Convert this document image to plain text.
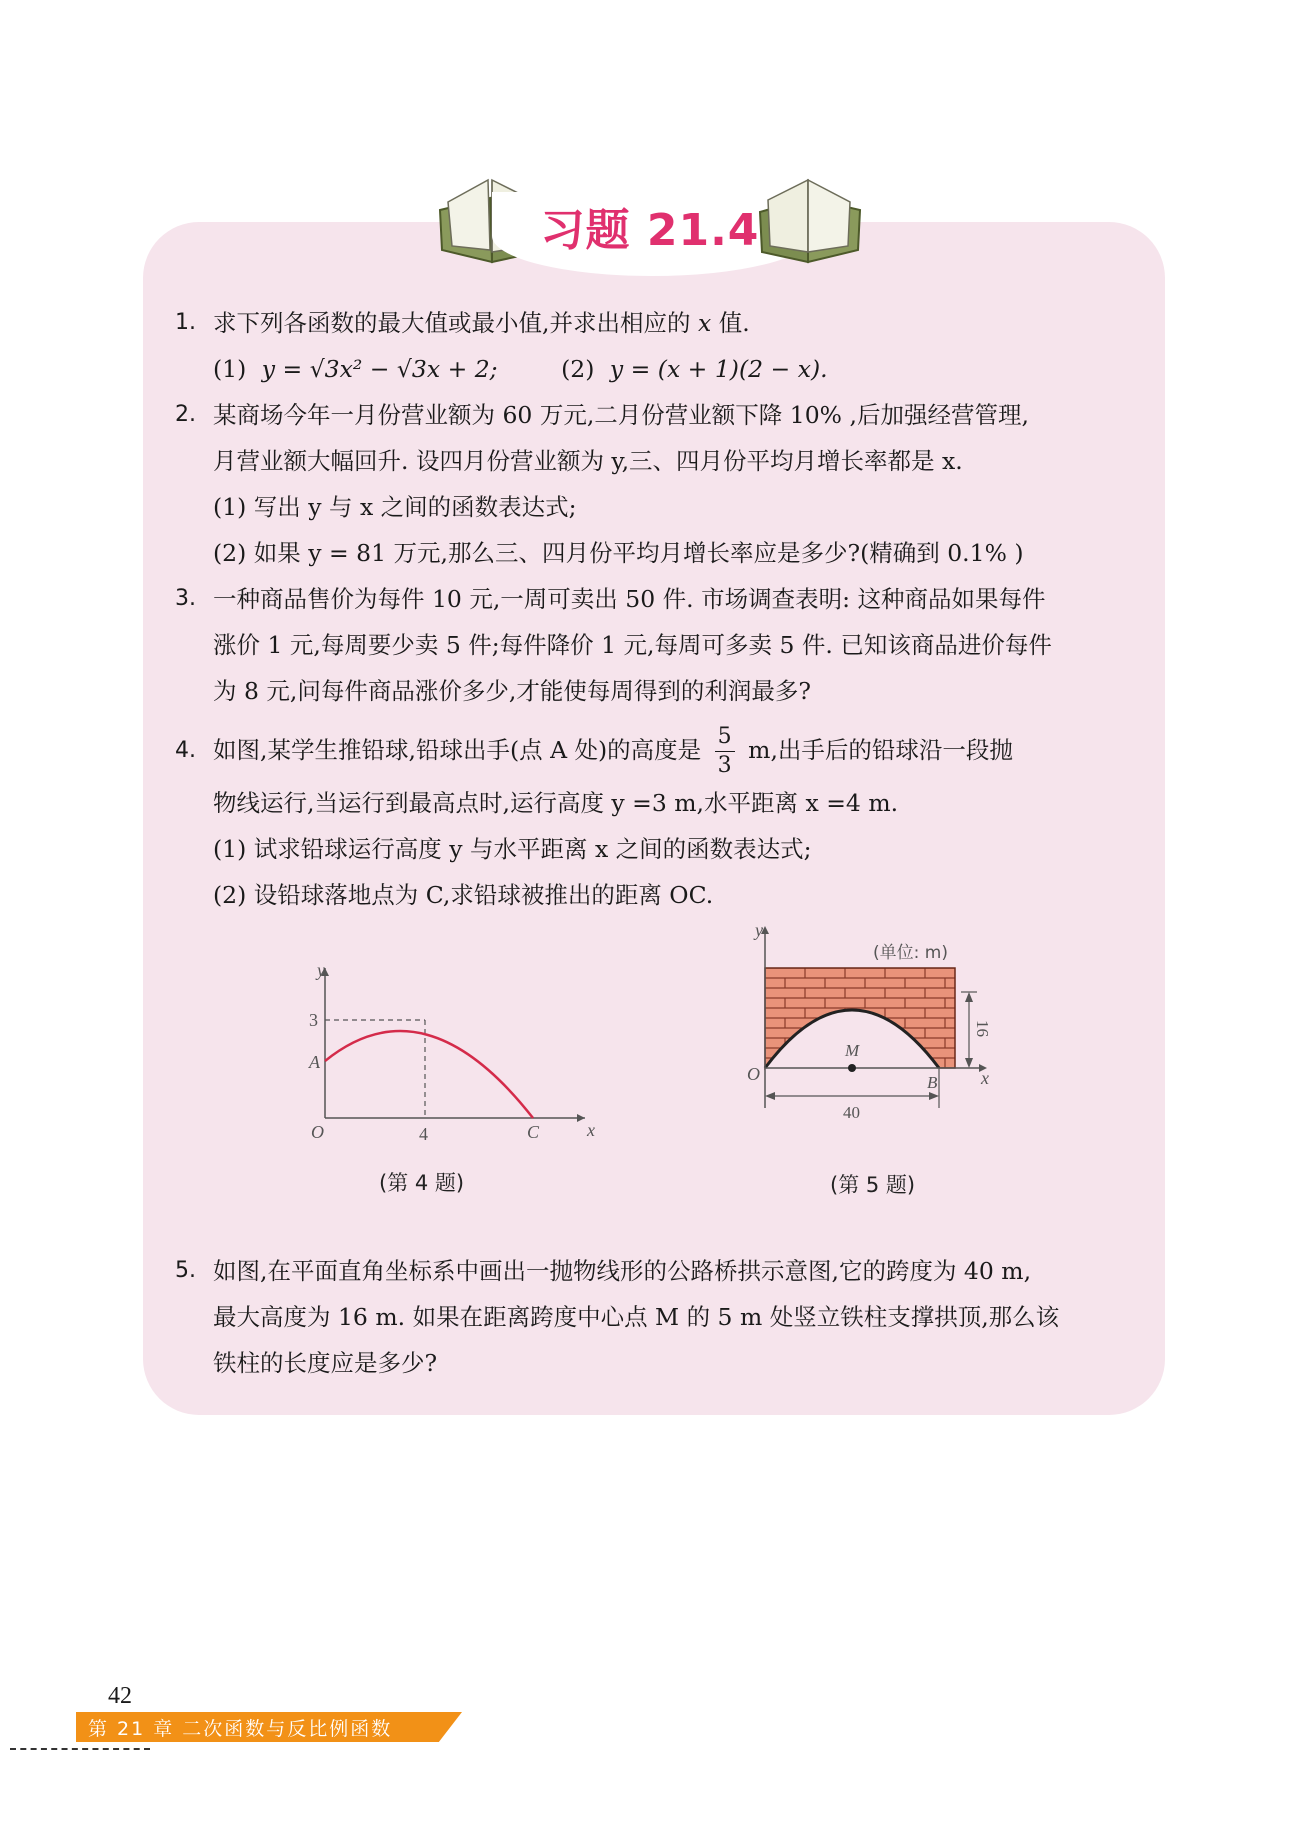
习题 21.4
1. 求下列各函数的最大值或最小值,并求出相应的 x 值.
(1) y = √3x² − √3x + 2;	(2) y = (x + 1)(2 − x).
2. 某商场今年一月份营业额为 60 万元,二月份营业额下降 10% ,后加强经营管理,
月营业额大幅回升. 设四月份营业额为 y,三、四月份平均月增长率都是 x.
(1) 写出 y 与 x 之间的函数表达式;
(2) 如果 y = 81 万元,那么三、四月份平均月增长率应是多少?(精确到 0.1% )
3. 一种商品售价为每件 10 元,一周可卖出 50 件. 市场调查表明: 这种商品如果每件
涨价 1 元,每周要少卖 5 件;每件降价 1 元,每周可多卖 5 件. 已知该商品进价每件
为 8 元,问每件商品涨价多少,才能使每周得到的利润最多?
4. 如图,某学生推铅球,铅球出手(点 A 处)的高度是 $\frac{5}{3} m$,出手后的铅球沿一段抛
物线运行,当运行到最高点时,运行高度 y =3 m,水平距离 x =4 m.
(1) 试求铅球运行高度 y 与水平距离 x 之间的函数表达式;
(2) 设铅球落地点为 C,求铅球被推出的距离 OC.
y
x
O
3
4
A
C
(第 4 题)
y
x
O
(单位: m)
M
B
40
16
(第 5 题)
5. 如图,在平面直角坐标系中画出一抛物线形的公路桥拱示意图,它的跨度为 40 m,
最大高度为 16 m. 如果在距离跨度中心点 M 的 5 m 处竖立铁柱支撑拱顶,那么该
铁柱的长度应是多少?
42
第 21 章 二次函数与反比例函数
